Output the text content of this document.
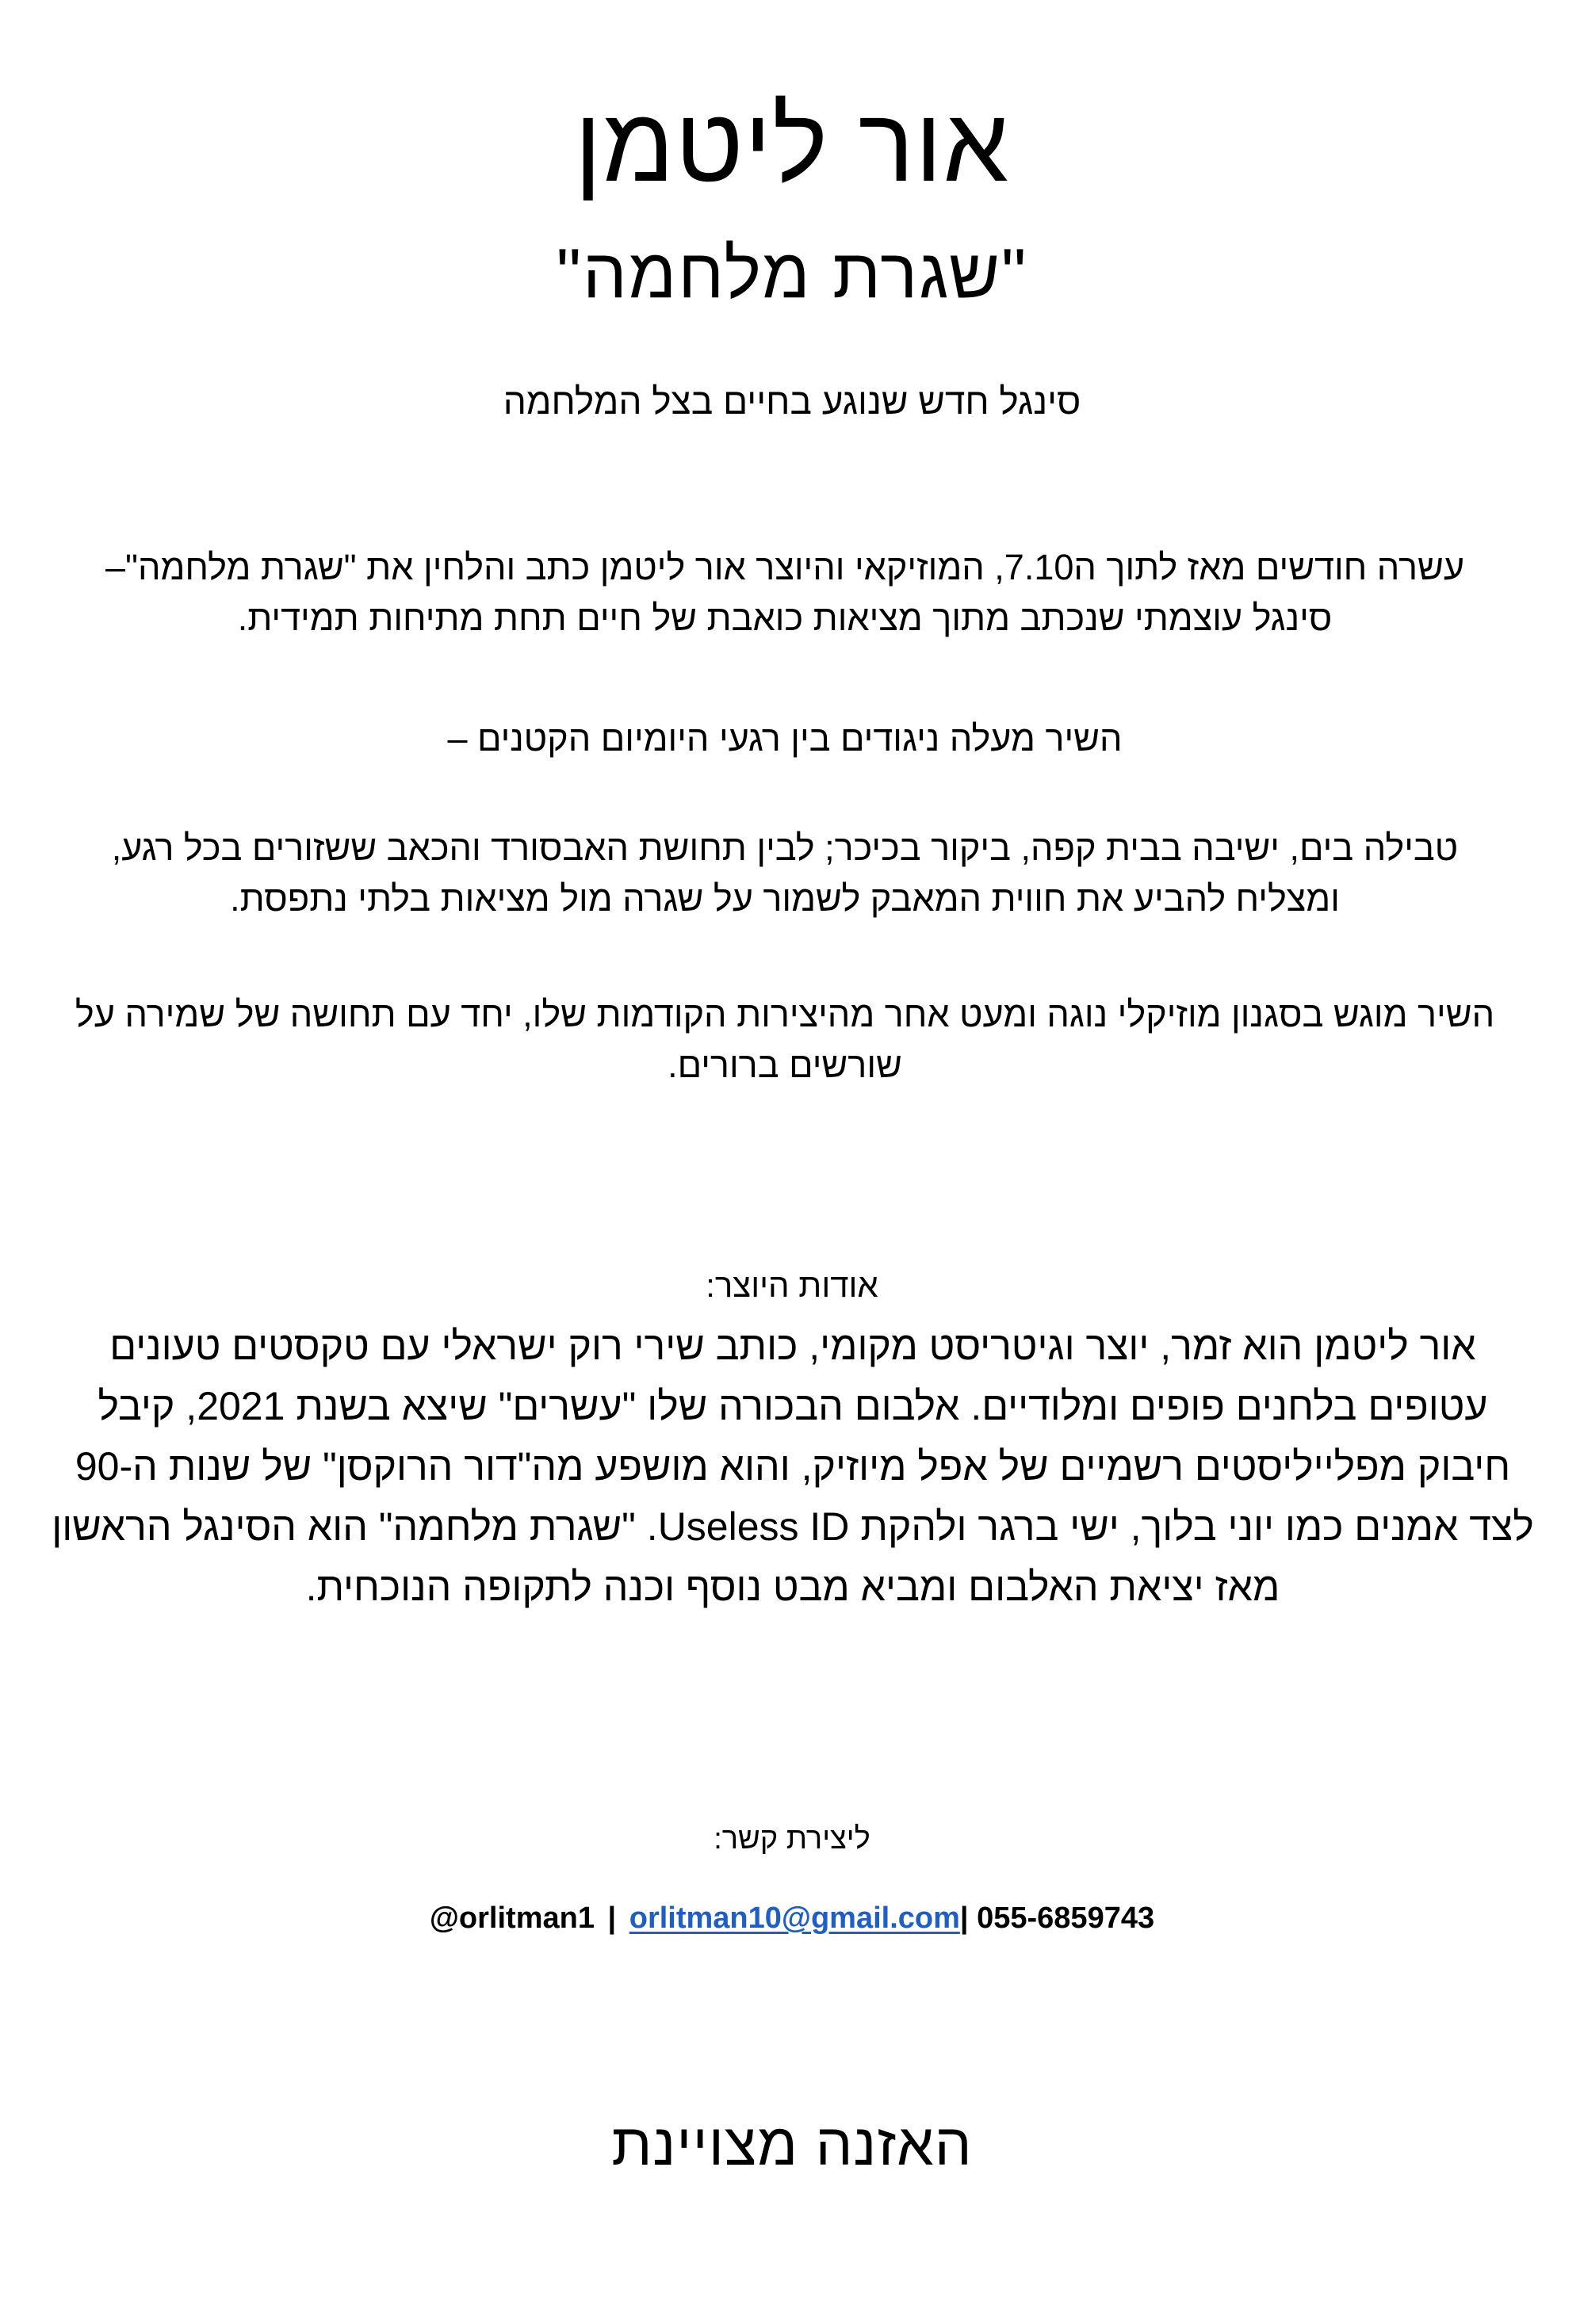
אור ליטמן
"שגרת מלחמה"
סינגל חדש שנוגע בחיים בצל המלחמה
עשרה חודשים מאז לתוך ה7.10, המוזיקאי והיוצר אור ליטמן כתב והלחין את "שגרת מלחמה"– סינגל עוצמתי שנכתב מתוך מציאות כואבת של חיים תחת מתיחות תמידית.
השיר מעלה ניגודים בין רגעי היומיום הקטנים –
טבילה בים, ישיבה בבית קפה, ביקור בכיכר; לבין תחושת האבסורד והכאב ששזורים בכל רגע, ומצליח להביע את חווית המאבק לשמור על שגרה מול מציאות בלתי נתפסת.
השיר מוגש בסגנון מוזיקלי נוגה ומעט אחר מהיצירות הקודמות שלו, יחד עם תחושה של שמירה על שורשים ברורים.
אודות היוצר:
אור ליטמן הוא זמר, יוצר וגיטריסט מקומי, כותב שירי רוק ישראלי עם טקסטים טעונים עטופים בלחנים פופים ומלודיים. אלבום הבכורה שלו "עשרים" שיצא בשנת 2021, קיבל חיבוק מפלייליסטים רשמיים של אפל מיוזיק, והוא מושפע מה"דור הרוקסן" של שנות ה-90 לצד אמנים כמו יוני בלוך, ישי ברגר ולהקת Useless ID. "שגרת מלחמה" הוא הסינגל הראשון מאז יציאת האלבום ומביא מבט נוסף וכנה לתקופה הנוכחית.
ליצירת קשר:
@orlitman1 | orlitman10@gmail.com| 055-6859743
האזנה מצויינת
